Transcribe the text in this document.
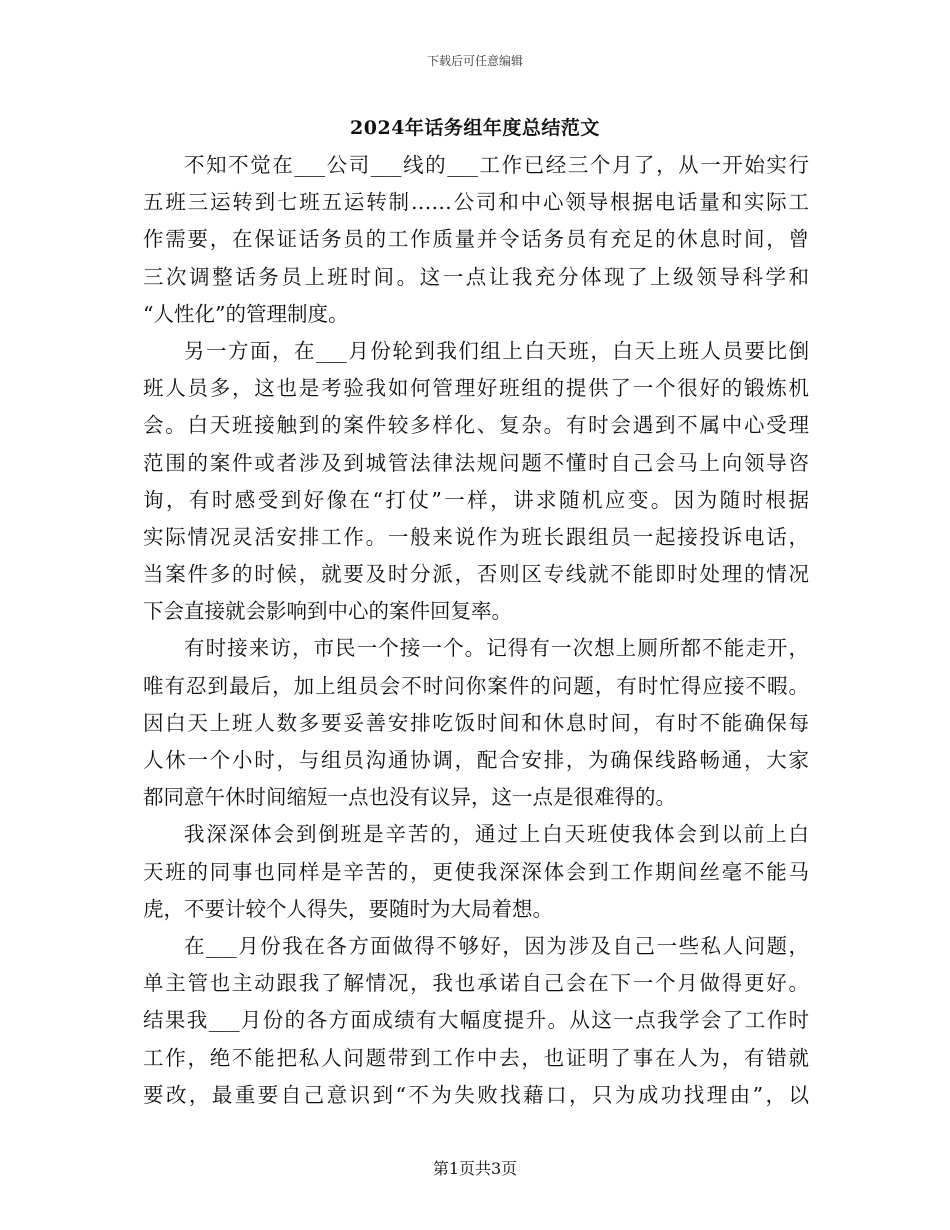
下载后可任意编辑
2024年话务组年度总结范文
不知不觉在___公司___线的___工作已经三个月了，从一开始实行
五班三运转到七班五运转制……公司和中心领导根据电话量和实际工
作需要，在保证话务员的工作质量并令话务员有充足的休息时间，曾
三次调整话务员上班时间。这一点让我充分体现了上级领导科学和
“人性化”的管理制度。
另一方面，在___月份轮到我们组上白天班，白天上班人员要比倒
班人员多，这也是考验我如何管理好班组的提供了一个很好的锻炼机
会。白天班接触到的案件较多样化、复杂。有时会遇到不属中心受理
范围的案件或者涉及到城管法律法规问题不懂时自己会马上向领导咨
询，有时感受到好像在“打仗”一样，讲求随机应变。因为随时根据
实际情况灵活安排工作。一般来说作为班长跟组员一起接投诉电话，
当案件多的时候，就要及时分派，否则区专线就不能即时处理的情况
下会直接就会影响到中心的案件回复率。
有时接来访，市民一个接一个。记得有一次想上厕所都不能走开，
唯有忍到最后，加上组员会不时问你案件的问题，有时忙得应接不暇。
因白天上班人数多要妥善安排吃饭时间和休息时间，有时不能确保每
人休一个小时，与组员沟通协调，配合安排，为确保线路畅通，大家
都同意午休时间缩短一点也没有议异，这一点是很难得的。
我深深体会到倒班是辛苦的，通过上白天班使我体会到以前上白
天班的同事也同样是辛苦的，更使我深深体会到工作期间丝毫不能马
虎，不要计较个人得失，要随时为大局着想。
在___月份我在各方面做得不够好，因为涉及自己一些私人问题，
单主管也主动跟我了解情况，我也承诺自己会在下一个月做得更好。
结果我___月份的各方面成绩有大幅度提升。从这一点我学会了工作时
工作，绝不能把私人问题带到工作中去，也证明了事在人为，有错就
要改，最重要自己意识到“不为失败找藉口，只为成功找理由”，以
第1页共3页
